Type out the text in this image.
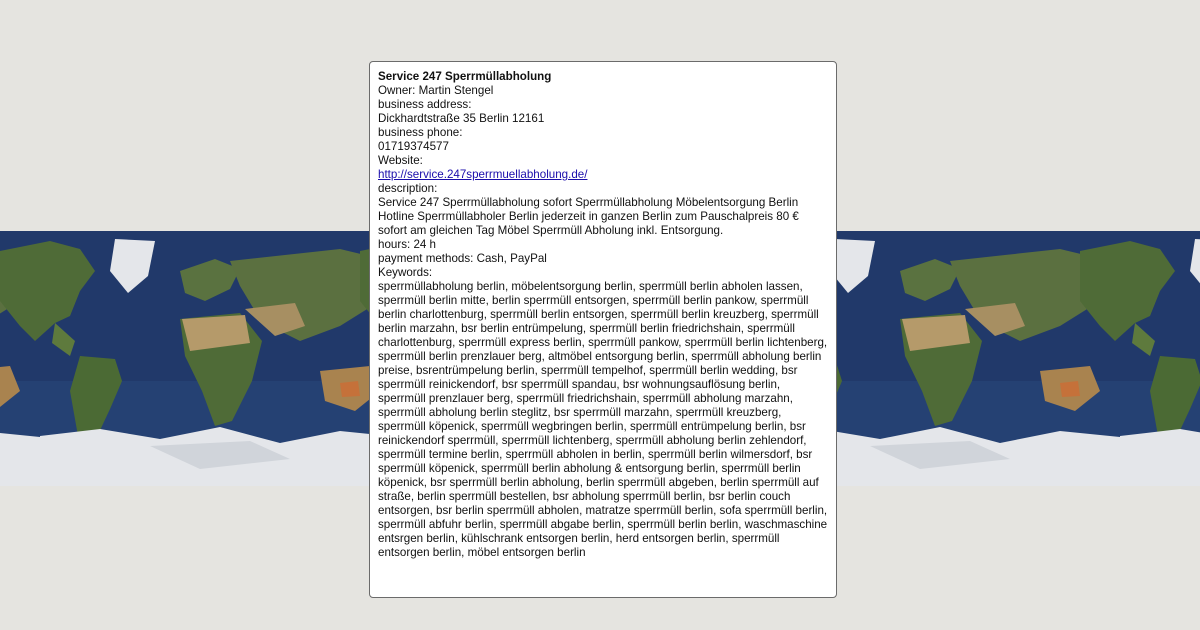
Service 247 Sperrmüllabholung
Owner: Martin Stengel
business address:
Dickhardtstraße 35 Berlin 12161
business phone:
01719374577
Website:
http://service.247sperrmuellabholung.de/
description:
Service 247 Sperrmüllabholung sofort Sperrmüllabholung Möbelentsorgung Berlin Hotline Sperrmüllabholer Berlin jederzeit in ganzen Berlin zum Pauschalpreis 80 € sofort am gleichen Tag Möbel Sperrmüll Abholung inkl. Entsorgung.
hours: 24 h
payment methods: Cash, PayPal
Keywords:
sperrmüllabholung berlin, möbelentsorgung berlin, sperrmüll berlin abholen lassen, sperrmüll berlin mitte, berlin sperrmüll entsorgen, sperrmüll berlin pankow, sperrmüll berlin charlottenburg, sperrmüll berlin entsorgen, sperrmüll berlin kreuzberg, sperrmüll berlin marzahn, bsr berlin entrümpelung, sperrmüll berlin friedrichshain, sperrmüll charlottenburg, sperrmüll express berlin, sperrmüll pankow, sperrmüll berlin lichtenberg, sperrmüll berlin prenzlauer berg, altmöbel entsorgung berlin, sperrmüll abholung berlin preise, bsrentrümpelung berlin, sperrmüll tempelhof, sperrmüll berlin wedding, bsr sperrmüll reinickendorf, bsr sperrmüll spandau, bsr wohnungsauflösung berlin, sperrmüll prenzlauer berg, sperrmüll friedrichshain, sperrmüll abholung marzahn, sperrmüll abholung berlin steglitz, bsr sperrmüll marzahn, sperrmüll kreuzberg, sperrmüll köpenick, sperrmüll wegbringen berlin, sperrmüll entrümpelung berlin, bsr reinickendorf sperrmüll, sperrmüll lichtenberg, sperrmüll abholung berlin zehlendorf, sperrmüll termine berlin, sperrmüll abholen in berlin, sperrmüll berlin wilmersdorf, bsr sperrmüll köpenick, sperrmüll berlin abholung & entsorgung berlin, sperrmüll berlin köpenick, bsr sperrmüll berlin abholung, berlin sperrmüll abgeben, berlin sperrmüll auf straße, berlin sperrmüll bestellen, bsr abholung sperrmüll berlin, bsr berlin couch entsorgen, bsr berlin sperrmüll abholen, matratze sperrmüll berlin, sofa sperrmüll berlin, sperrmüll abfuhr berlin, sperrmüll abgabe berlin, sperrmüll berlin berlin, waschmaschine entsrgen berlin, kühlschrank entsorgen berlin, herd entsorgen berlin, sperrmüll entsorgen berlin, möbel entsorgen berlin
